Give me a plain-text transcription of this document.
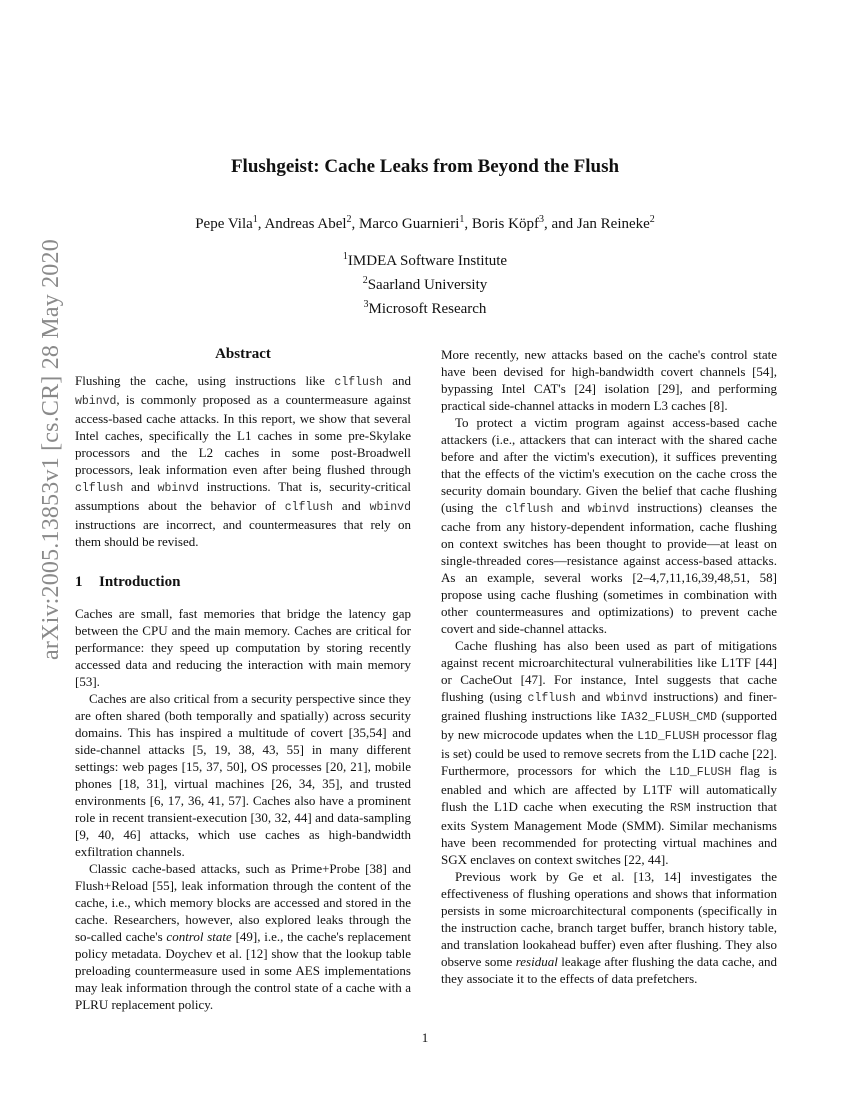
arXiv:2005.13853v1 [cs.CR] 28 May 2020
Flushgeist: Cache Leaks from Beyond the Flush
Pepe Vila$^1$, Andreas Abel$^2$, Marco Guarnieri$^1$, Boris Köpf$^3$, and Jan Reineke$^2$
$^1$IMDEA Software Institute
$^2$Saarland University
$^3$Microsoft Research
Abstract

Flushing the cache, using instructions like clflush and wbinvd, is commonly proposed as a countermeasure against access-based cache attacks. In this report, we show that several Intel caches, specifically the L1 caches in some pre-Skylake processors and the L2 caches in some post-Broadwell processors, leak information even after being flushed through clflush and wbinvd instructions. That is, security-critical assumptions about the behavior of clflush and wbinvd instructions are incorrect, and countermeasures that rely on them should be revised.

1 Introduction

Caches are small, fast memories that bridge the latency gap between the CPU and the main memory. Caches are critical for performance: they speed up computation by storing recently accessed data and reducing the interaction with main memory [53].

Caches are also critical from a security perspective since they are often shared (both temporally and spatially) across security domains. This has inspired a multitude of covert [35,54] and side-channel attacks [5, 19, 38, 43, 55] in many different settings: web pages [15, 37, 50], OS processes [20, 21], mobile phones [18, 31], virtual machines [26, 34, 35], and trusted environments [6, 17, 36, 41, 57]. Caches also have a prominent role in recent transient-execution [30, 32, 44] and data-sampling [9, 40, 46] attacks, which use caches as high-bandwidth exfiltration channels.

Classic cache-based attacks, such as Prime+Probe [38] and Flush+Reload [55], leak information through the content of the cache, i.e., which memory blocks are accessed and stored in the cache. Researchers, however, also explored leaks through the so-called cache's control state [49], i.e., the cache's replacement policy metadata. Doychev et al. [12] show that the lookup table preloading countermeasure used in some AES implementations may leak information through the control state of a cache with a PLRU replacement policy.

More recently, new attacks based on the cache's control state have been devised for high-bandwidth covert channels [54], bypassing Intel CAT's [24] isolation [29], and performing practical side-channel attacks in modern L3 caches [8].

To protect a victim program against access-based cache attackers (i.e., attackers that can interact with the shared cache before and after the victim's execution), it suffices preventing that the effects of the victim's execution on the cache cross the security domain boundary. Given the belief that cache flushing (using the clflush and wbinvd instructions) cleanses the cache from any history-dependent information, cache flushing on context switches has been thought to provide—at least on single-threaded cores—resistance against access-based attacks. As an example, several works [2–4,7,11,16,39,48,51, 58] propose using cache flushing (sometimes in combination with other countermeasures and optimizations) to prevent cache covert and side-channel attacks.

Cache flushing has also been used as part of mitigations against recent microarchitectural vulnerabilities like L1TF [44] or CacheOut [47]. For instance, Intel suggests that cache flushing (using clflush and wbinvd instructions) and finer-grained flushing instructions like IA32_FLUSH_CMD (supported by new microcode updates when the L1D_FLUSH processor flag is set) could be used to remove secrets from the L1D cache [22]. Furthermore, processors for which the L1D_FLUSH flag is enabled and which are affected by L1TF will automatically flush the L1D cache when executing the RSM instruction that exits System Management Mode (SMM). Similar mechanisms have been recommended for protecting virtual machines and SGX enclaves on context switches [22, 44].

Previous work by Ge et al. [13, 14] investigates the effectiveness of flushing operations and shows that information persists in some microarchitectural components (specifically in the instruction cache, branch target buffer, branch history table, and translation lookahead buffer) even after flushing. They also observe some residual leakage after flushing the data cache, and they associate it to the effects of data prefetchers.

1
